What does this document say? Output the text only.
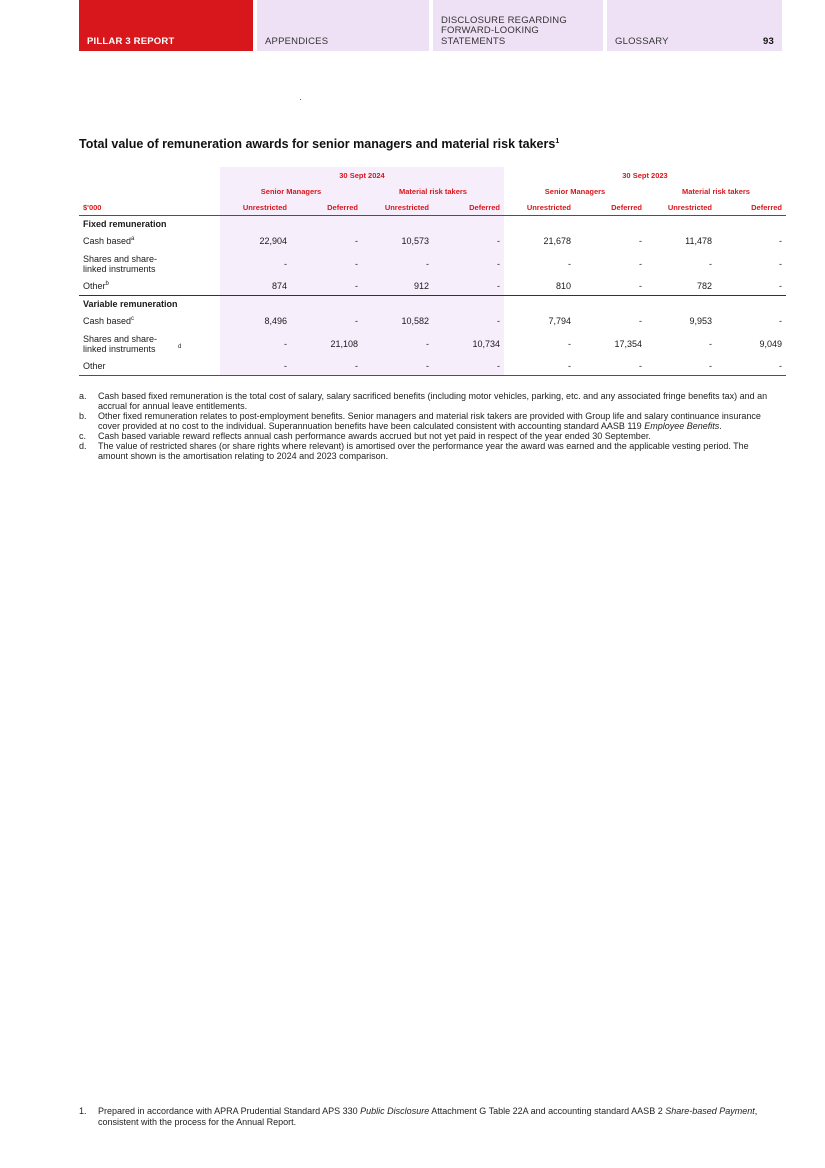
PILLAR 3 REPORT	APPENDICES
DISCLOSURE REGARDING FORWARD-LOOKING STATEMENTS	GLOSSARY	93
Total value of remuneration awards for senior managers and material risk takers$^1$
	30 Sept 2024				30 Sept 2023			
	Senior Managers		Material risk takers		Senior Managers		Material risk takers	
$'000	Unrestricted	Deferred	Unrestricted	Deferred	Unrestricted	Deferred	Unrestricted	Deferred
Fixed remuneration								
Cash based$^a$	22,904	-	10,573	-	21,678	-	11,478	-
Shares and share-linked instruments	-	-	-	-	-	-	-	-
Other$^b$	874	-	912	-	810	-	782	-
Variable remuneration								
Cash based$^c$	8,496	-	10,582	-	7,794	-	9,953	-
Shares and share-linked instruments $^d$	-	21,108	-	10,734	-	17,354	-	9,049
Other	-	-	-	-	-	-	-	-
a.	Cash based fixed remuneration is the total cost of salary, salary sacrificed benefits (including motor vehicles, parking, etc. and any associated fringe benefits tax) and an accrual for annual leave entitlements.
b.	Other fixed remuneration relates to post-employment benefits. Senior managers and material risk takers are provided with Group life and salary continuance insurance cover provided at no cost to the individual. Superannuation benefits have been calculated consistent with accounting standard AASB 119 Employee Benefits.
c.	Cash based variable reward reflects annual cash performance awards accrued but not yet paid in respect of the year ended 30 September.
d.	The value of restricted shares (or share rights where relevant) is amortised over the performance year the award was earned and the applicable vesting period. The amount shown is the amortisation relating to 2024 and 2023 comparison.
1.	Prepared in accordance with APRA Prudential Standard APS 330 Public Disclosure Attachment G Table 22A and accounting standard AASB 2 Share-based Payment, consistent with the process for the Annual Report.
